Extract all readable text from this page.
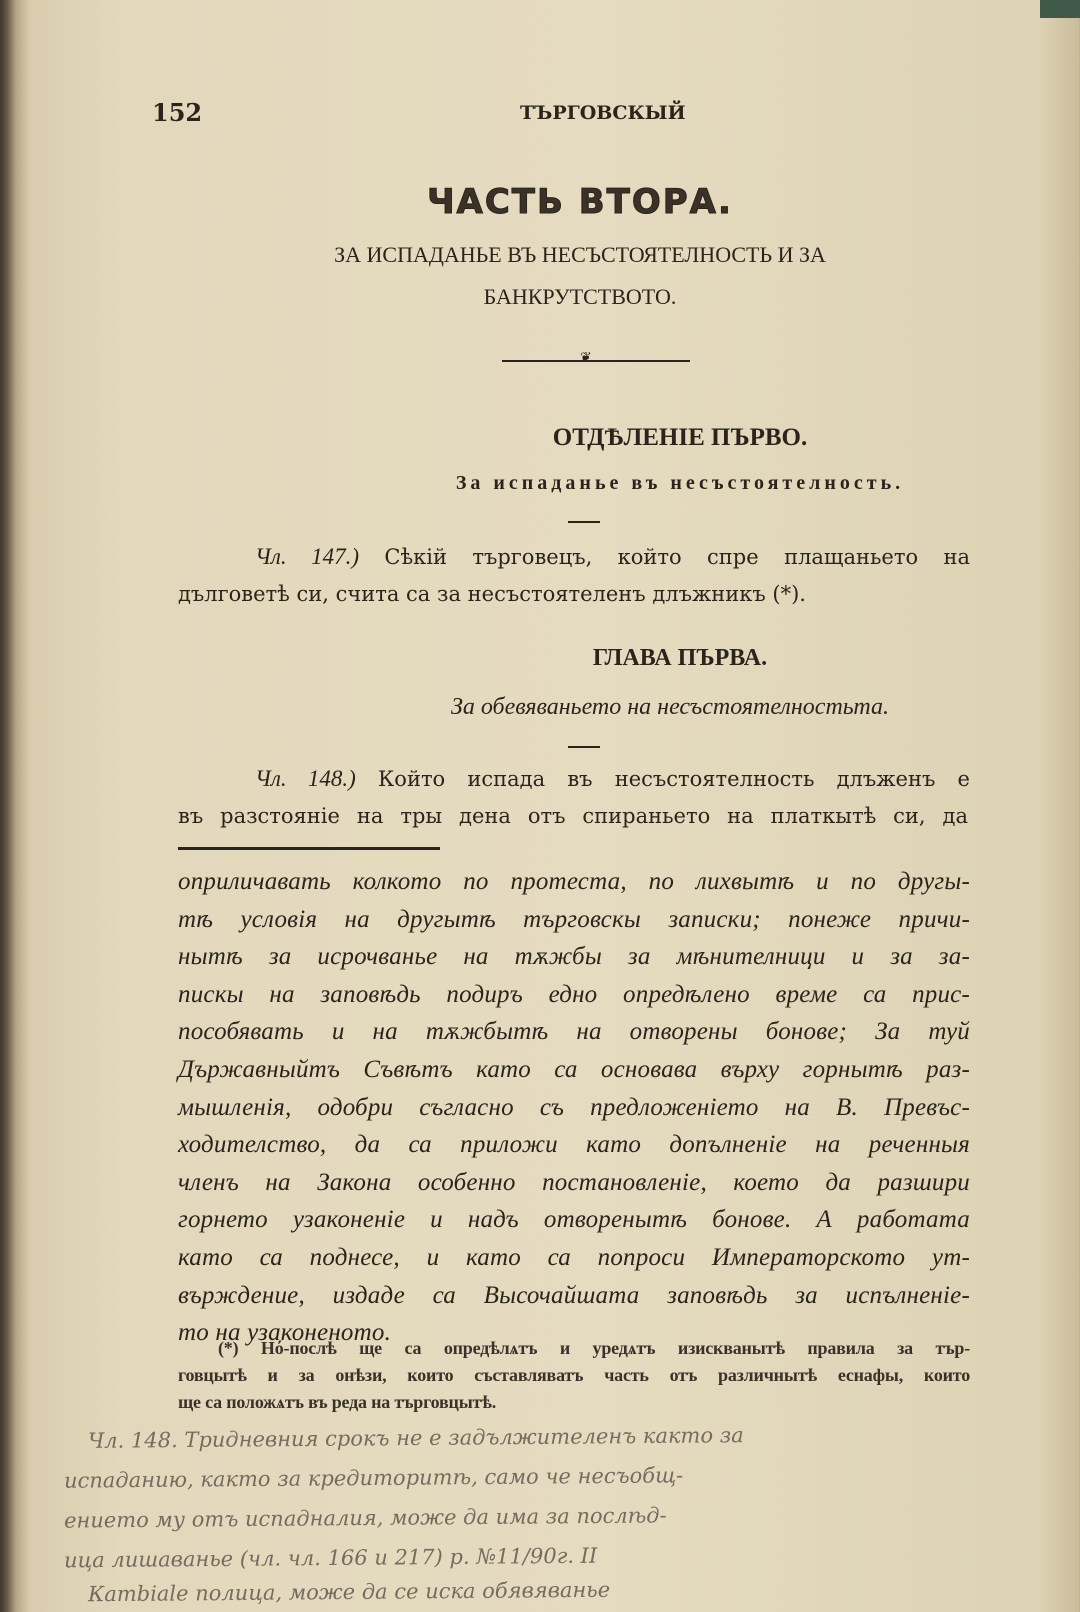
152	ТЪРГОВСКЫЙ
ЧАСТЬ ВТОРА.
ЗА ИСПАДАНЬЕ ВЪ НЕСЪСТОЯТЕЛНОСТЬ И ЗА
БАНКРУТСТВОТО.
❦
ОТДѢЛЕНІЕ ПЪРВО.
За испаданье въ несъстоятелность.
Чл. 147.) Сѣкій търговецъ, който спре плащаньето на
дълговетѣ си, счита са за несъстоятеленъ длъжникъ (*).
ГЛАВА ПЪРВА.
За обевяваньето на несъстоятелностьта.
Чл. 148.) Който испада въ несъстоятелность длъженъ е
въ разстояніе на тры дена отъ спираньето на платкытѣ си, да
оприличавать колкото по протеста, по лихвытѣ и по другы-
тѣ условія на другытѣ търговскы записки; понеже причи-
нытѣ за исрочванье на тѫжбы за мѣнителници и за за-
пискы на заповѣдь подиръ едно опредѣлено време са прис-
пособявать и на тѫжбытѣ на отворены бонове; За туй
Държавныйтъ Съвѣтъ като са основава върху горнытѣ раз-
мышленія, одобри съгласно съ предложеніето на В. Превъс-
ходителство, да са приложи като допълненіе на реченныя
членъ на Закона особенно постановленіе, което да разшири
горнето узаконеніе и надъ отворенытѣ бонове. А работата
като са поднесе, и като са попроси Императорското ут-
върждение, издаде са Высочайшата заповѣдь за испълненіе-
то на узаконеното.
(*) Нό-послѣ ще са опредѣлѧтъ и уредѧтъ изискванытѣ правила за тър-
говцытѣ и за онѣзи, които съставляватъ часть отъ различнытѣ еснафы, които
ще са положѧтъ въ реда на търговцытѣ.
Чл. 148. Тридневния срокъ не е задължителенъ както за
испаданию, както за кредиторитѣ, само че несъобщ-
ението му отъ испадналия, може да има за послѣд-
ица лишаванье (чл. чл. 166 и 217) р. №11/90г. II
Кambiale полица, може да се иска обявяванье
